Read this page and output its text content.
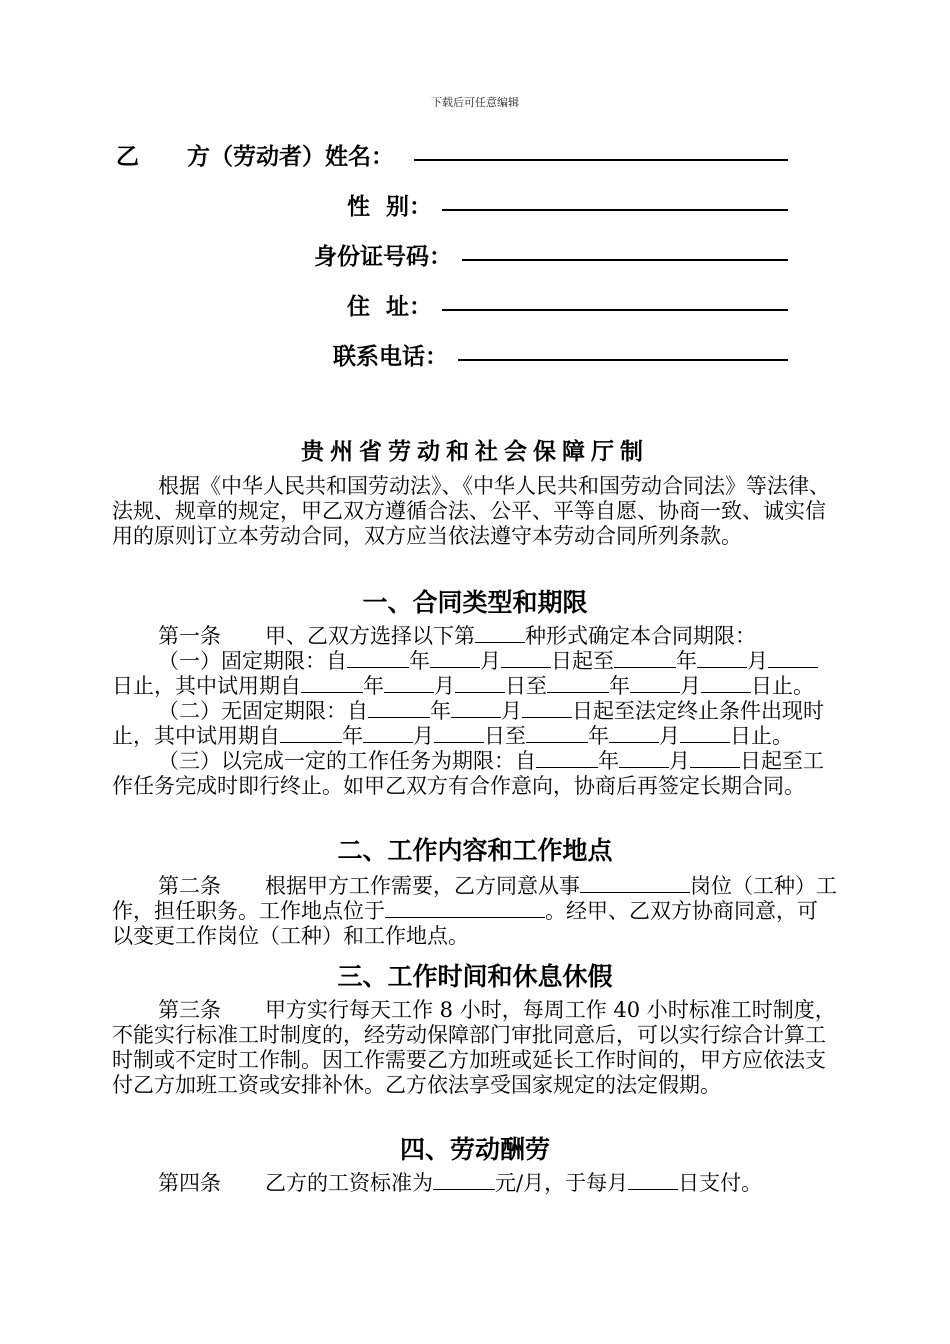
下载后可任意编辑
乙 方（劳动者）姓名：
性  别：
身份证号码：
住  址：
联系电话：
贵州省劳动和社会保障厅制

根据《中华人民共和国劳动法》、《中华人民共和国劳动合同法》等法律、法规、规章的规定，甲乙双方遵循合法、公平、平等自愿、协商一致、诚实信用的原则订立本劳动合同，双方应当依法遵守本劳动合同所列条款。

一、合同类型和期限

第一条 甲、乙双方选择以下第 种形式确定本合同期限：

（一）固定期限：自	年 月 日起至	年 月日止，其中试用期自	年 月 日至	年 月 日止。

（二）无固定期限：自	年 月 日起至法定终止条件出现时止，其中试用期自	年 月 日至	年 月 日止。

（三）以完成一定的工作任务为期限：自	年 月 日起至工作任务完成时即行终止。如甲乙双方有合作意向，协商后再签定长期合同。

二、工作内容和工作地点

第二条 根据甲方工作需要，乙方同意从事	岗位（工种）工作，担任职务。工作地点位于	。经甲、乙双方协商同意，可以变更工作岗位（工种）和工作地点。

三、工作时间和休息休假

第三条 甲方实行每天工作 8 小时，每周工作 40 小时标准工时制度，不能实行标准工时制度的，经劳动保障部门审批同意后，可以实行综合计算工时制或不定时工作制。因工作需要乙方加班或延长工作时间的，甲方应依法支付乙方加班工资或安排补休。乙方依法享受国家规定的法定假期。

四、劳动酬劳

第四条 乙方的工资标准为	元/月，于每月 日支付。
